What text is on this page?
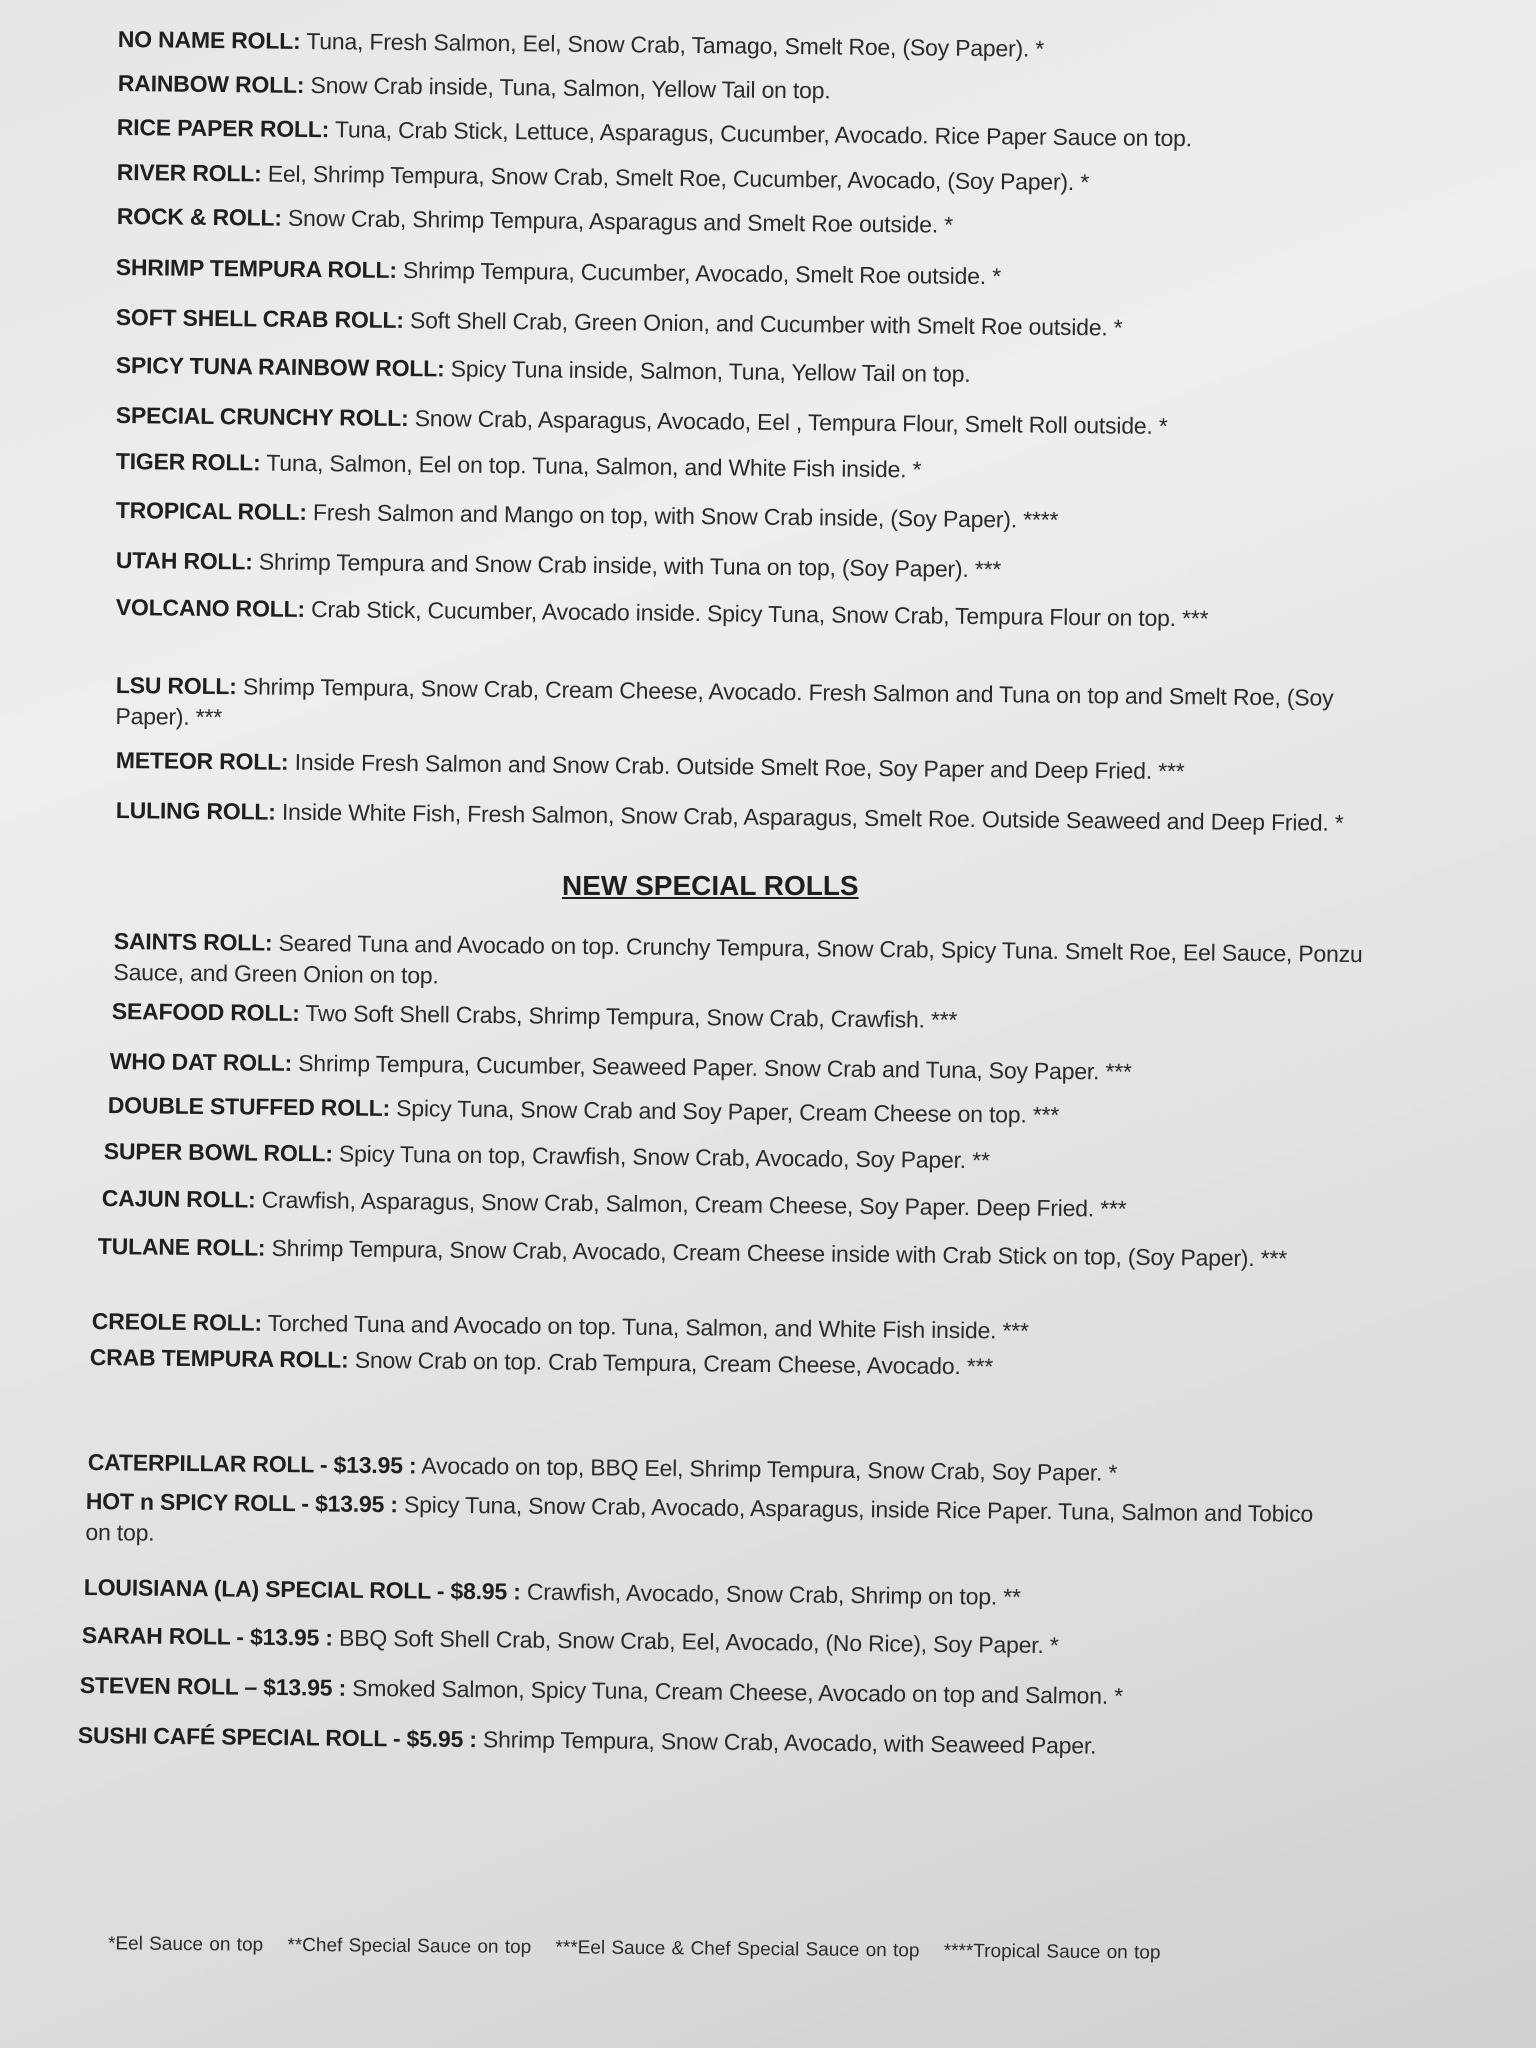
NEW SPECIAL ROLLS
*Eel Sauce on top **Chef Special Sauce on top ***Eel Sauce & Chef Special Sauce on top ****Tropical Sauce on top
NO NAME ROLL: Tuna, Fresh Salmon, Eel, Snow Crab, Tamago, Smelt Roe, (Soy Paper). *
RAINBOW ROLL: Snow Crab inside, Tuna, Salmon, Yellow Tail on top.
RICE PAPER ROLL: Tuna, Crab Stick, Lettuce, Asparagus, Cucumber, Avocado. Rice Paper Sauce on top.
RIVER ROLL: Eel, Shrimp Tempura, Snow Crab, Smelt Roe, Cucumber, Avocado, (Soy Paper). *
ROCK & ROLL: Snow Crab, Shrimp Tempura, Asparagus and Smelt Roe outside. *
SHRIMP TEMPURA ROLL: Shrimp Tempura, Cucumber, Avocado, Smelt Roe outside. *
SOFT SHELL CRAB ROLL: Soft Shell Crab, Green Onion, and Cucumber with Smelt Roe outside. *
SPICY TUNA RAINBOW ROLL: Spicy Tuna inside, Salmon, Tuna, Yellow Tail on top.
SPECIAL CRUNCHY ROLL: Snow Crab, Asparagus, Avocado, Eel , Tempura Flour, Smelt Roll outside. *
TIGER ROLL: Tuna, Salmon, Eel on top. Tuna, Salmon, and White Fish inside. *
TROPICAL ROLL: Fresh Salmon and Mango on top, with Snow Crab inside, (Soy Paper). ****
UTAH ROLL: Shrimp Tempura and Snow Crab inside, with Tuna on top, (Soy Paper). ***
VOLCANO ROLL: Crab Stick, Cucumber, Avocado inside. Spicy Tuna, Snow Crab, Tempura Flour on top. ***
LSU ROLL: Shrimp Tempura, Snow Crab, Cream Cheese, Avocado. Fresh Salmon and Tuna on top and Smelt Roe, (Soy Paper). ***
METEOR ROLL: Inside Fresh Salmon and Snow Crab. Outside Smelt Roe, Soy Paper and Deep Fried. ***
LULING ROLL: Inside White Fish, Fresh Salmon, Snow Crab, Asparagus, Smelt Roe. Outside Seaweed and Deep Fried. *
SAINTS ROLL: Seared Tuna and Avocado on top. Crunchy Tempura, Snow Crab, Spicy Tuna. Smelt Roe, Eel Sauce, Ponzu Sauce, and Green Onion on top.
SEAFOOD ROLL: Two Soft Shell Crabs, Shrimp Tempura, Snow Crab, Crawfish. ***
WHO DAT ROLL: Shrimp Tempura, Cucumber, Seaweed Paper. Snow Crab and Tuna, Soy Paper. ***
DOUBLE STUFFED ROLL: Spicy Tuna, Snow Crab and Soy Paper, Cream Cheese on top. ***
SUPER BOWL ROLL: Spicy Tuna on top, Crawfish, Snow Crab, Avocado, Soy Paper. **
CAJUN ROLL: Crawfish, Asparagus, Snow Crab, Salmon, Cream Cheese, Soy Paper. Deep Fried. ***
TULANE ROLL: Shrimp Tempura, Snow Crab, Avocado, Cream Cheese inside with Crab Stick on top, (Soy Paper). ***
CREOLE ROLL: Torched Tuna and Avocado on top. Tuna, Salmon, and White Fish inside. ***
CRAB TEMPURA ROLL: Snow Crab on top. Crab Tempura, Cream Cheese, Avocado. ***
CATERPILLAR ROLL - $13.95 : Avocado on top, BBQ Eel, Shrimp Tempura, Snow Crab, Soy Paper. *
HOT n SPICY ROLL - $13.95 : Spicy Tuna, Snow Crab, Avocado, Asparagus, inside Rice Paper. Tuna, Salmon and Tobico on top.
LOUISIANA (LA) SPECIAL ROLL - $8.95 : Crawfish, Avocado, Snow Crab, Shrimp on top. **
SARAH ROLL - $13.95 : BBQ Soft Shell Crab, Snow Crab, Eel, Avocado, (No Rice), Soy Paper. *
STEVEN ROLL – $13.95 : Smoked Salmon, Spicy Tuna, Cream Cheese, Avocado on top and Salmon. *
SUSHI CAFÉ SPECIAL ROLL - $5.95 : Shrimp Tempura, Snow Crab, Avocado, with Seaweed Paper.
